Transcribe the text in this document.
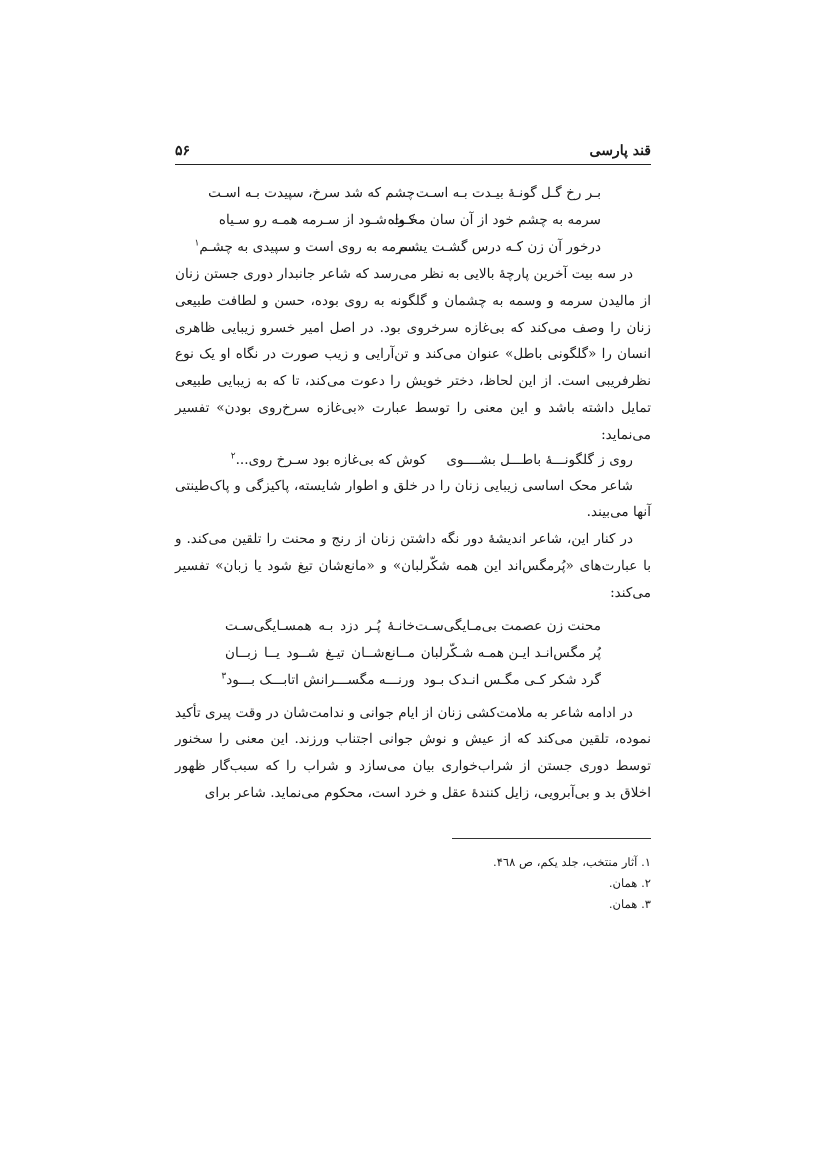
قند پارسی
۵۶
بـر رخ گـل گونـهٔ بیـدت بـه اسـت
چشم که شد سرخ، سپیدت بـه اسـت
سرمه به چشم خود از آن سان مخـواه
کـت شـود از سـرمه همـه رو سـیاه
درخور آن زن کـه درس گشـت یشـم
سرمه به روی است و سپیدی به چشـم$^۱$

در سه بیت آخرین پارچهٔ بالایی به نظر می‌رسد که شاعر جانبدار دوری جستن زنان از مالیدن سرمه و وسمه به چشمان و گلگونه به روی بوده، حسن و لطافت طبیعی زنان را وصف می‌کند که بی‌غازه سرخروی بود. در اصل امیر خسرو زیبایی ظاهری انسان را «گلگونی باطل» عنوان می‌کند و تن‌آرایی و زیب صورت در نگاه او یک نوع نظرفریبی است. از این لحاظ، دختر خویش را دعوت می‌کند، تا که به زیبایی طبیعی تمایل داشته باشد و این معنی را توسط عبارت «بی‌غازه سرخ‌روی بودن» تفسیر می‌نماید:

روی ز گلگونـــهٔ باطـــل بشــــوی
کوش که بی‌غازه بود سـرخ روی...$^۲$

شاعر محک اساسی زیبایی زنان را در خلق و اطوار شایسته، پاکیزگی و پاک‌طینتی آنها می‌بیند.

در کنار این، شاعر اندیشهٔ دور نگه داشتن زنان از رنج و محنت را تلقین می‌کند. و با عبارت‌های «پُرمگس‌اند این همه شکّرلبان» و «مانع‌شان تیغ شود یا زبان» تفسیر می‌کند:

محنت زن عصمت بی‌مـایگی‌سـت
خانـهٔ پُـر دزد بـه همسـایگی‌سـت
پُر مگس‌انـد ایـن همـه شـکّرلبان
مــانع‌شــان تیـغ شــود یــا زبــان
گرد شکر کـی مگـس انـدک بـود
ورنـــه مگســـرانش اتابـــک بـــود$^۳$

در ادامه شاعر به ملامت‌کشی زنان از ایام جوانی و ندامت‌شان در وقت پیری تأکید نموده، تلقین می‌کند که از عیش و نوش جوانی اجتناب ورزند. این معنی را سخنور توسط دوری جستن از شراب‌خواری بیان می‌سازد و شراب را که سبب‌گار ظهور اخلاق بد و بی‌آبرویی، زایل کنندهٔ عقل و خرد است، محکوم می‌نماید. شاعر برای

۱. آثار منتخب، جلد یکم، ص ۴٦۸.

۲. همان.

۳. همان.
